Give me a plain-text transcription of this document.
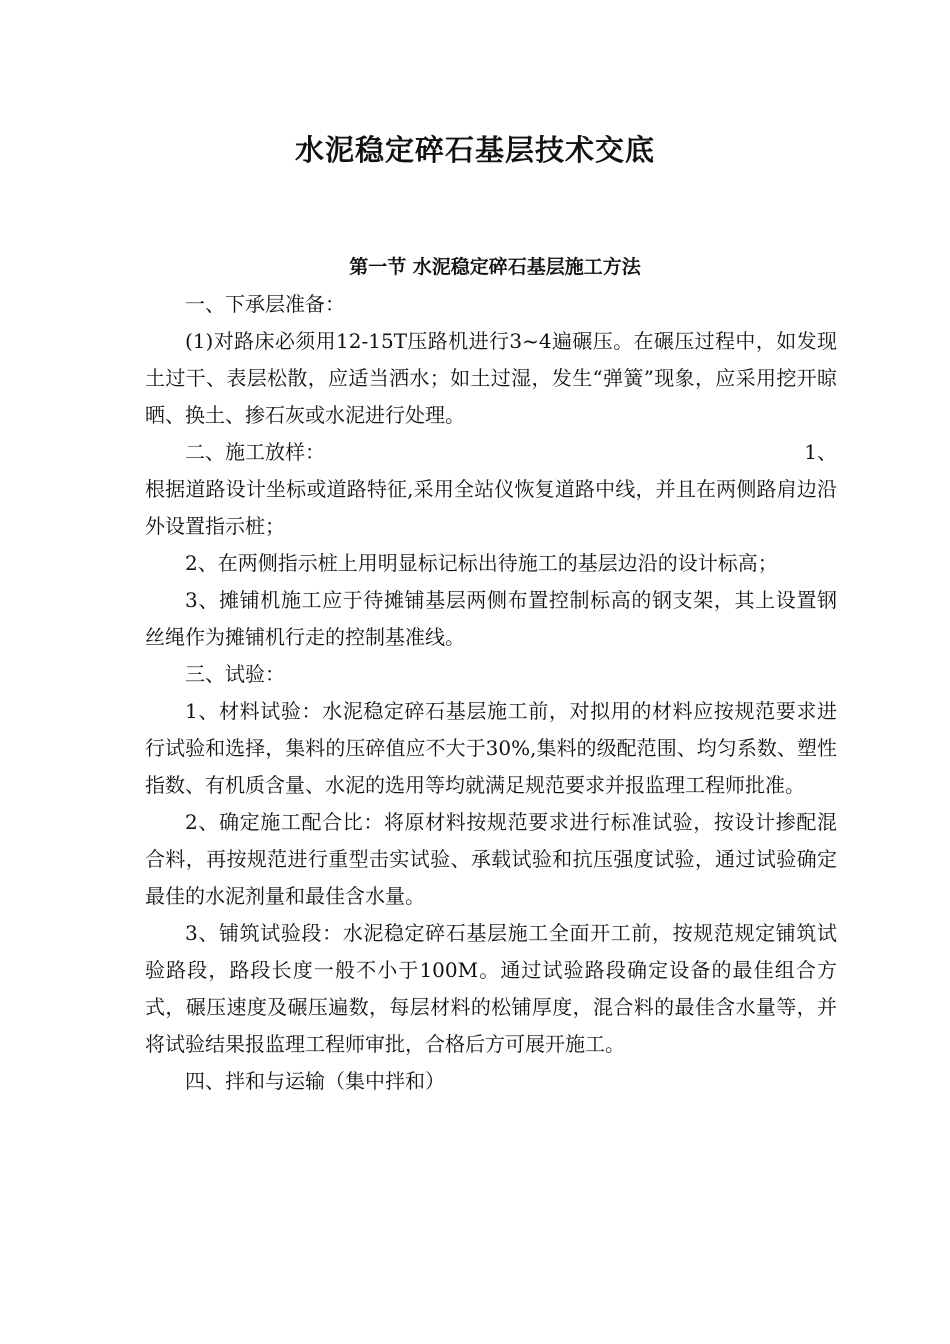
水泥稳定碎石基层技术交底
第一节 水泥稳定碎石基层施工方法

一、下承层准备：

(1)对路床必须用12-15T压路机进行3~4遍碾压。在碾压过程中，如发现土过干、表层松散，应适当洒水；如土过湿，发生“弹簧”现象，应采用挖开晾晒、换土、掺石灰或水泥进行处理。

二、施工放样：	1、

根据道路设计坐标或道路特征,采用全站仪恢复道路中线，并且在两侧路肩边沿外设置指示桩；

2、在两侧指示桩上用明显标记标出待施工的基层边沿的设计标高；

3、摊铺机施工应于待摊铺基层两侧布置控制标高的钢支架，其上设置钢丝绳作为摊铺机行走的控制基准线。

三、试验：

1、材料试验：水泥稳定碎石基层施工前，对拟用的材料应按规范要求进行试验和选择，集料的压碎值应不大于30%,集料的级配范围、均匀系数、塑性指数、有机质含量、水泥的选用等均就满足规范要求并报监理工程师批准。

2、确定施工配合比：将原材料按规范要求进行标准试验，按设计掺配混合料，再按规范进行重型击实试验、承载试验和抗压强度试验，通过试验确定最佳的水泥剂量和最佳含水量。

3、铺筑试验段：水泥稳定碎石基层施工全面开工前，按规范规定铺筑试验路段，路段长度一般不小于100M。通过试验路段确定设备的最佳组合方式，碾压速度及碾压遍数，每层材料的松铺厚度，混合料的最佳含水量等，并将试验结果报监理工程师审批，合格后方可展开施工。

四、拌和与运输（集中拌和）
